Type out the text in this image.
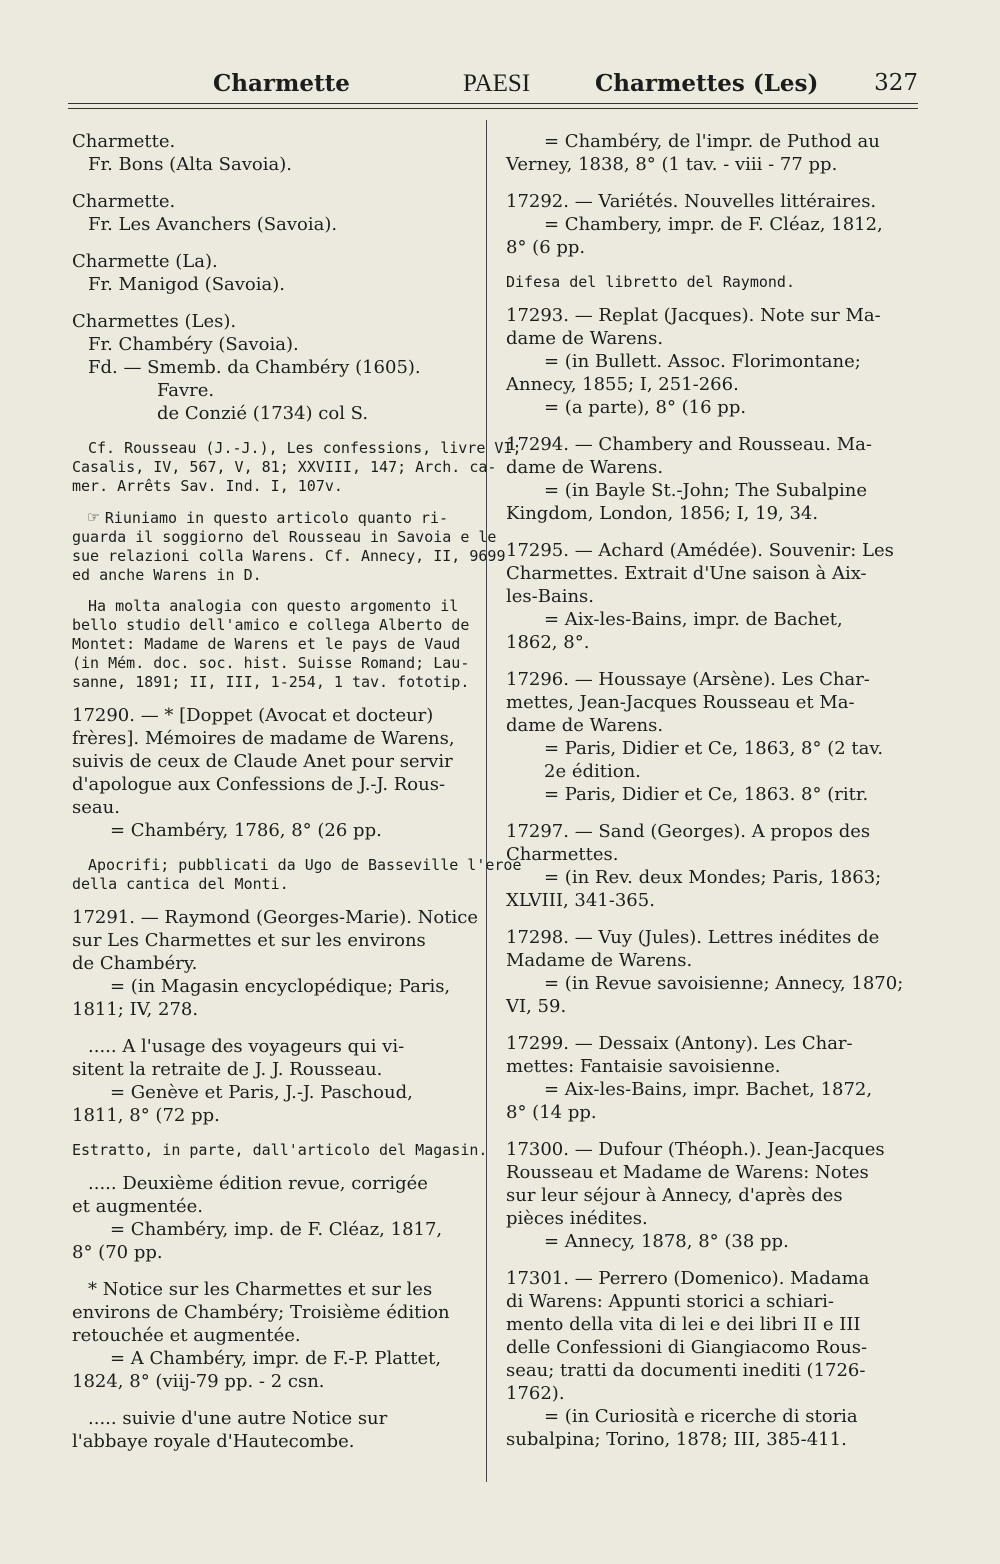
Charmette	PAESI	Charmettes (Les) 327
Charmette.
Fr. Bons (Alta Savoia).
Charmette.
Fr. Les Avanchers (Savoia).
Charmette (La).
Fr. Manigod (Savoia).
Charmettes (Les).
Fr. Chambéry (Savoia).
Fd. — Smemb. da Chambéry (1605).
Favre.
de Conzié (1734) col S.
Cf. Rousseau (J.-J.), Les confessions, livre VI;
Casalis, IV, 567, V, 81; XXVIII, 147; Arch. ca-
mer. Arrêts Sav. Ind. I, 107v.
☞ Riuniamo in questo articolo quanto ri-
guarda il soggiorno del Rousseau in Savoia e le
sue relazioni colla Warens. Cf. Annecy, II, 9699
ed anche Warens in D.
Ha molta analogia con questo argomento il
bello studio dell'amico e collega Alberto de
Montet: Madame de Warens et le pays de Vaud
(in Mém. doc. soc. hist. Suisse Romand; Lau-
sanne, 1891; II, III, 1-254, 1 tav. fototip.
17290. — * [Doppet (Avocat et docteur)
frères]. Mémoires de madame de Warens,
suivis de ceux de Claude Anet pour servir
d'apologue aux Confessions de J.-J. Rous-
seau.
= Chambéry, 1786, 8° (26 pp.
Apocrifi; pubblicati da Ugo de Basseville l'eroe
della cantica del Monti.
17291. — Raymond (Georges-Marie). Notice
sur Les Charmettes et sur les environs
de Chambéry.
= (in Magasin encyclopédique; Paris,
1811; IV, 278.
..... A l'usage des voyageurs qui vi-
sitent la retraite de J. J. Rousseau.
= Genève et Paris, J.-J. Paschoud,
1811, 8° (72 pp.
Estratto, in parte, dall'articolo del Magasin.
..... Deuxième édition revue, corrigée
et augmentée.
= Chambéry, imp. de F. Cléaz, 1817,
8° (70 pp.
* Notice sur les Charmettes et sur les
environs de Chambéry; Troisième édition
retouchée et augmentée.
= A Chambéry, impr. de F.-P. Plattet,
1824, 8° (viij-79 pp. - 2 csn.
..... suivie d'une autre Notice sur
l'abbaye royale d'Hautecombe.
= Chambéry, de l'impr. de Puthod au
Verney, 1838, 8° (1 tav. - viii - 77 pp.
17292. — Variétés. Nouvelles littéraires.
= Chambery, impr. de F. Cléaz, 1812,
8° (6 pp.
Difesa del libretto del Raymond.
17293. — Replat (Jacques). Note sur Ma-
dame de Warens.
= (in Bullett. Assoc. Florimontane;
Annecy, 1855; I, 251-266.
= (a parte), 8° (16 pp.
17294. — Chambery and Rousseau. Ma-
dame de Warens.
= (in Bayle St.-John; The Subalpine
Kingdom, London, 1856; I, 19, 34.
17295. — Achard (Amédée). Souvenir: Les
Charmettes. Extrait d'Une saison à Aix-
les-Bains.
= Aix-les-Bains, impr. de Bachet,
1862, 8°.
17296. — Houssaye (Arsène). Les Char-
mettes, Jean-Jacques Rousseau et Ma-
dame de Warens.
= Paris, Didier et Ce, 1863, 8° (2 tav.
2e édition.
= Paris, Didier et Ce, 1863. 8° (ritr.
17297. — Sand (Georges). A propos des
Charmettes.
= (in Rev. deux Mondes; Paris, 1863;
XLVIII, 341-365.
17298. — Vuy (Jules). Lettres inédites de
Madame de Warens.
= (in Revue savoisienne; Annecy, 1870;
VI, 59.
17299. — Dessaix (Antony). Les Char-
mettes: Fantaisie savoisienne.
= Aix-les-Bains, impr. Bachet, 1872,
8° (14 pp.
17300. — Dufour (Théoph.). Jean-Jacques
Rousseau et Madame de Warens: Notes
sur leur séjour à Annecy, d'après des
pièces inédites.
= Annecy, 1878, 8° (38 pp.
17301. — Perrero (Domenico). Madama
di Warens: Appunti storici a schiari-
mento della vita di lei e dei libri II e III
delle Confessioni di Giangiacomo Rous-
seau; tratti da documenti inediti (1726-
1762).
= (in Curiosità e ricerche di storia
subalpina; Torino, 1878; III, 385-411.
